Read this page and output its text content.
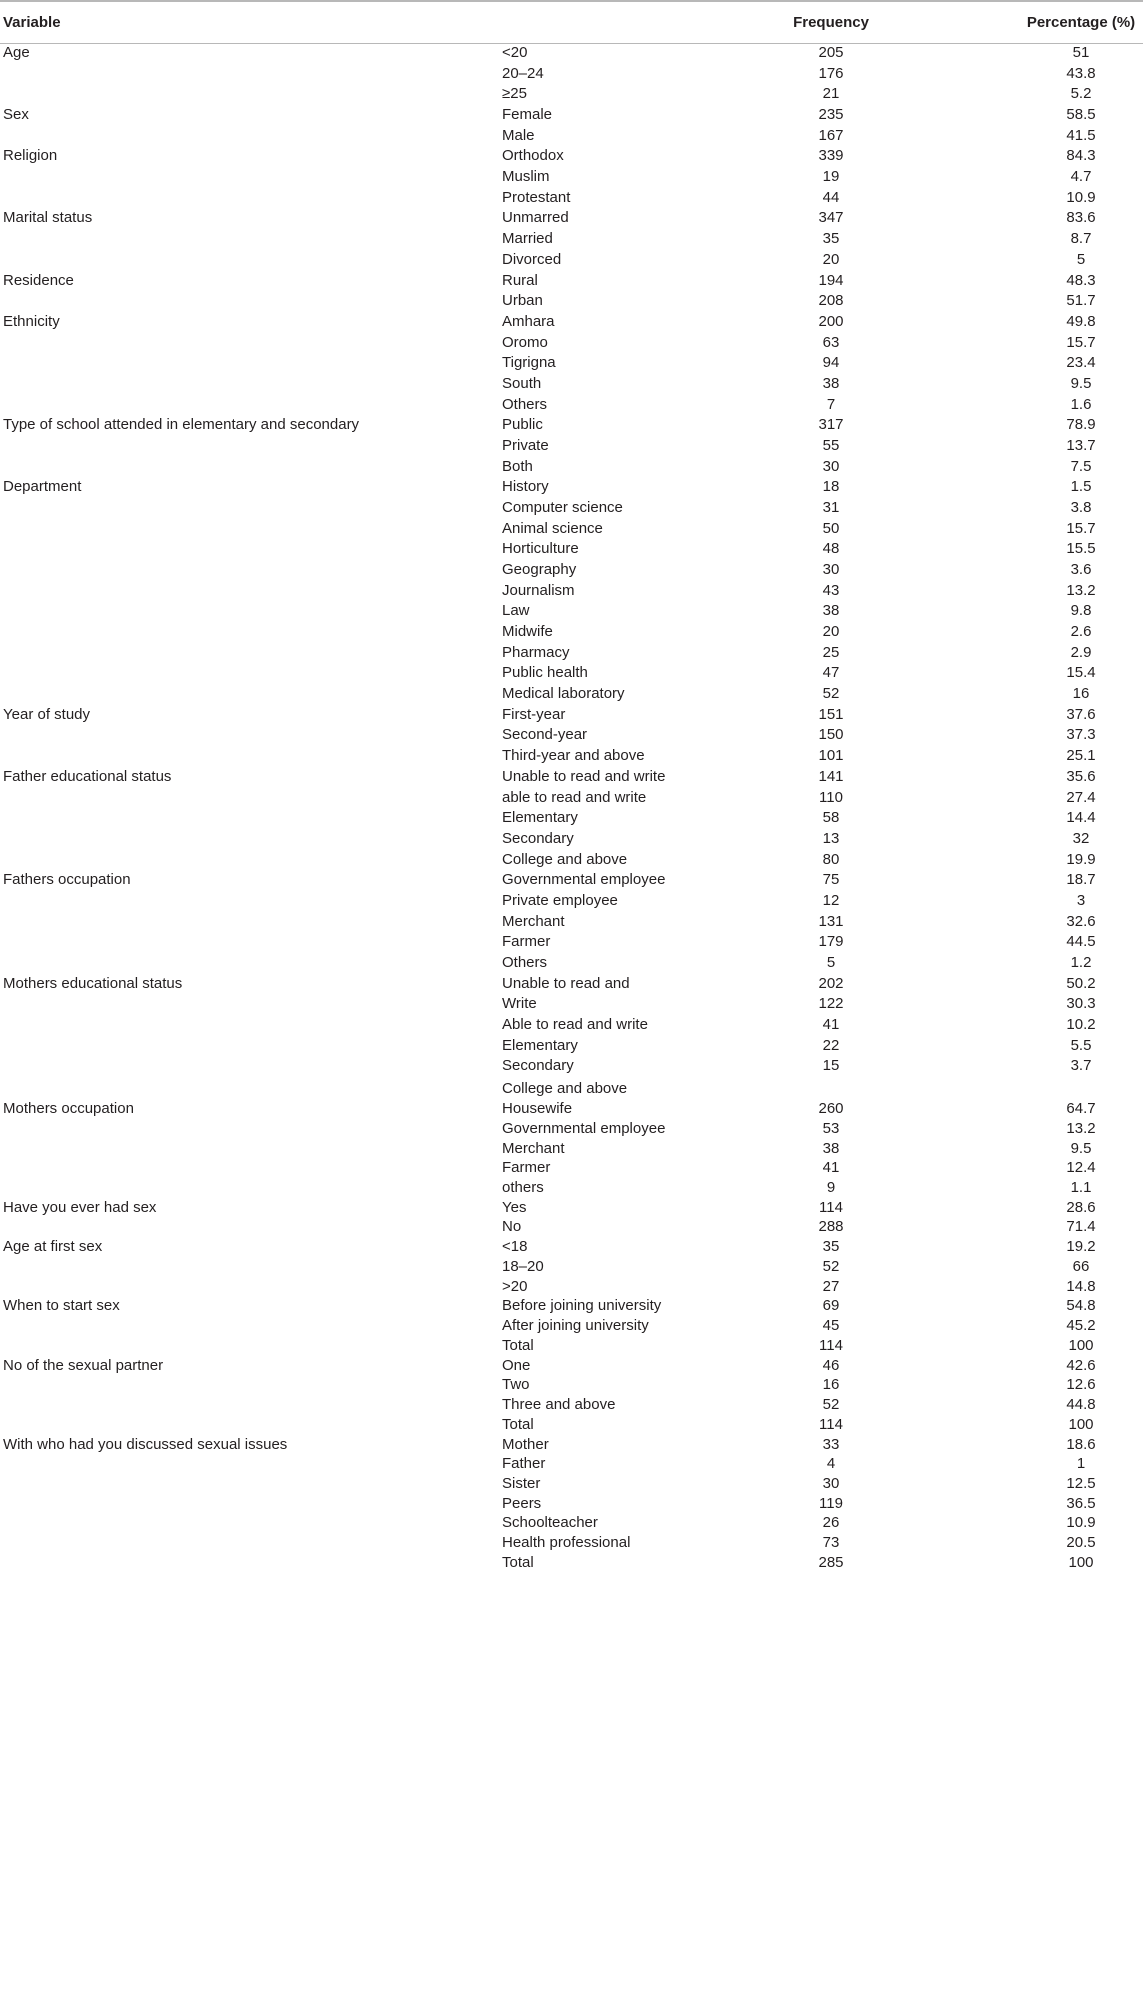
Variable	Frequency	Percentage (%)
Age	<20	205	51
20–24	176	43.8
≥25	21	5.2
Sex	Female	235	58.5
Male	167	41.5
Religion	Orthodox	339	84.3
Muslim	19	4.7
Protestant	44	10.9
Marital status	Unmarred	347	83.6
Married	35	8.7
Divorced	20	5
Residence	Rural	194	48.3
Urban	208	51.7
Ethnicity	Amhara	200	49.8
Oromo	63	15.7
Tigrigna	94	23.4
South	38	9.5
Others	7	1.6
Type of school attended in elementary and secondary	Public	317	78.9
Private	55	13.7
Both	30	7.5
Department	History	18	1.5
Computer science	31	3.8
Animal science	50	15.7
Horticulture	48	15.5
Geography	30	3.6
Journalism	43	13.2
Law	38	9.8
Midwife	20	2.6
Pharmacy	25	2.9
Public health	47	15.4
Medical laboratory	52	16
Year of study	First-year	151	37.6
Second-year	150	37.3
Third-year and above	101	25.1
Father educational status	Unable to read and write	141	35.6
able to read and write	110	27.4
Elementary	58	14.4
Secondary	13	32
College and above	80	19.9
Fathers occupation	Governmental employee	75	18.7
Private employee	12	3
Merchant	131	32.6
Farmer	179	44.5
Others	5	1.2
Mothers educational status	Unable to read and	202	50.2
Write	122	30.3
Able to read and write	41	10.2
Elementary	22	5.5
Secondary	15	3.7
College and above
Mothers occupation	Housewife	260	64.7
Governmental employee	53	13.2
Merchant	38	9.5
Farmer	41	12.4
others	9	1.1
Have you ever had sex	Yes	114	28.6
No	288	71.4
Age at first sex	<18	35	19.2
18–20	52	66
>20	27	14.8
When to start sex	Before joining university	69	54.8
After joining university	45	45.2
Total	114	100
No of the sexual partner	One	46	42.6
Two	16	12.6
Three and above	52	44.8
Total	114	100
With who had you discussed sexual issues	Mother	33	18.6
Father	4	1
Sister	30	12.5
Peers	119	36.5
Schoolteacher	26	10.9
Health professional	73	20.5
Total	285	100
